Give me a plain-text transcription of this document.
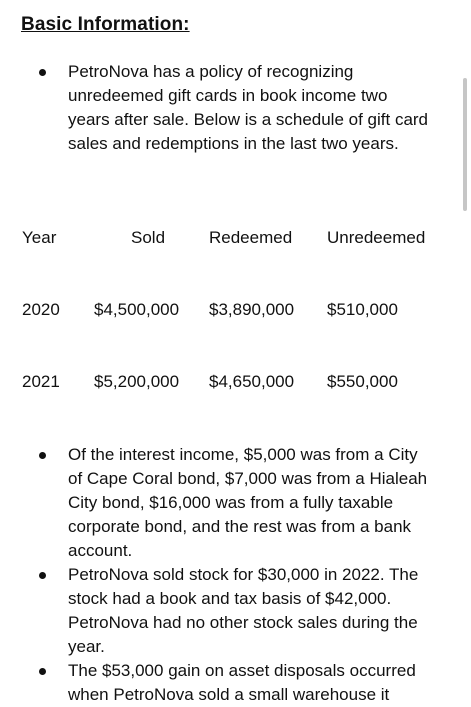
Basic Information:
PetroNova has a policy of recognizing unredeemed gift cards in book income two years after sale. Below is a schedule of gift card sales and redemptions in the last two years.
Year	Sold	Redeemed Unredeemed
2020 $4,500,000 $3,890,000 $510,000
2021 $5,200,000 $4,650,000 $550,000
Of the interest income, $5,000 was from a City of Cape Coral bond, $7,000 was from a Hialeah City bond, $16,000 was from a fully taxable corporate bond, and the rest was from a bank account.
PetroNova sold stock for $30,000 in 2022. The stock had a book and tax basis of $42,000. PetroNova had no other stock sales during the year.
The $53,000 gain on asset disposals occurred when PetroNova sold a small warehouse it
